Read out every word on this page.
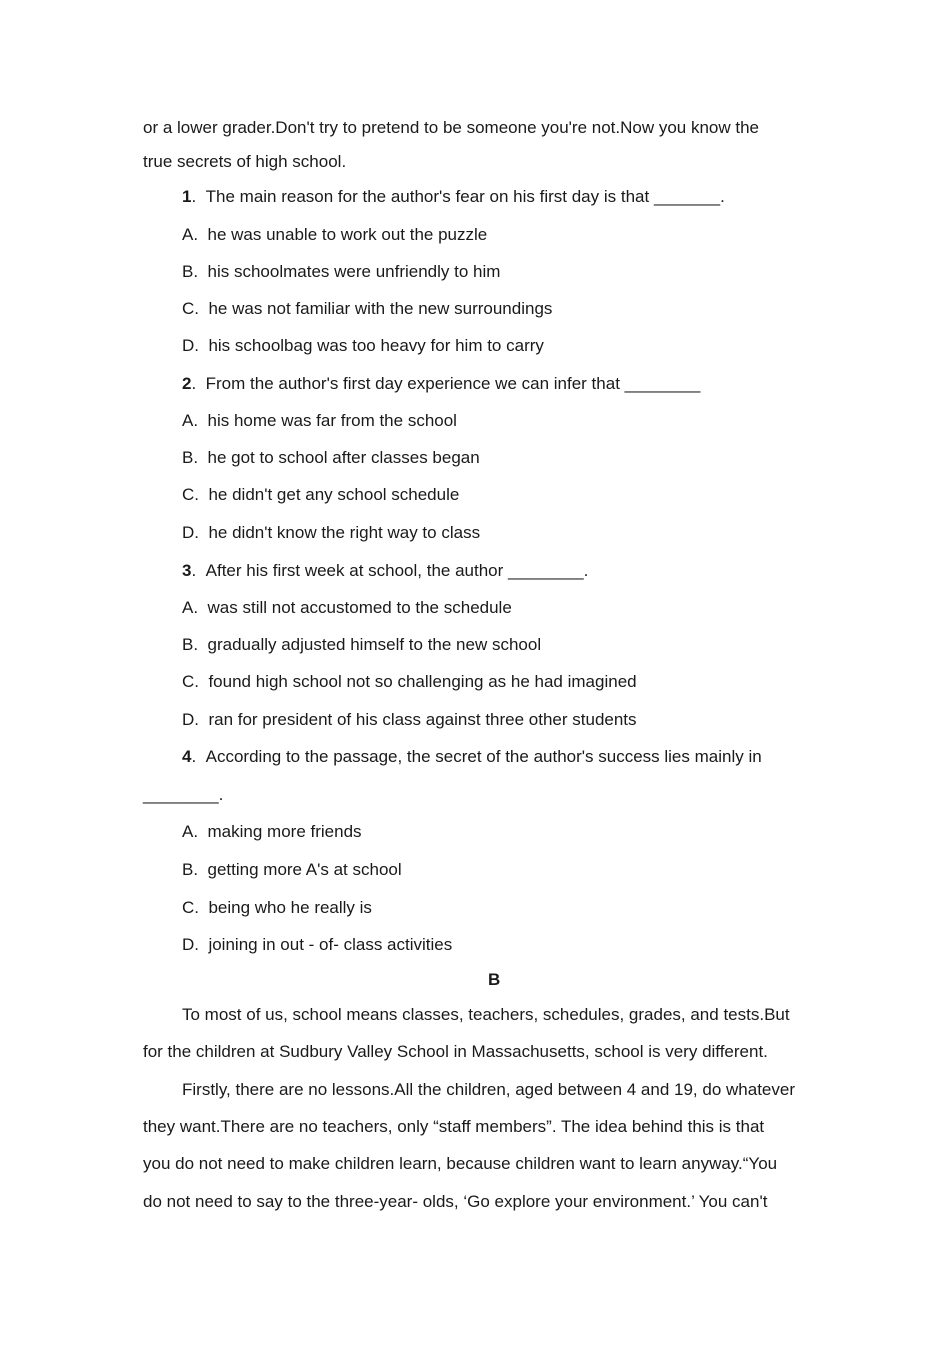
or a lower grader.Don't try to pretend to be someone you're not.Now you know the
true secrets of high school.
1.  The main reason for the author's fear on his first day is that _______.
A. he was unable to work out the puzzle
B. his schoolmates were unfriendly to him
C. he was not familiar with the new surroundings
D. his schoolbag was too heavy for him to carry
2.  From the author's first day experience we can infer that ________
A. his home was far from the school
B. he got to school after classes began
C. he didn't get any school schedule
D. he didn't know the right way to class
3.  After his first week at school, the author ________.
A. was still not accustomed to the schedule
B. gradually adjusted himself to the new school
C. found high school not so challenging as he had imagined
D. ran for president of his class against three other students
4.  According to the passage, the secret of the author's success lies mainly in
________.
A. making more friends
B. getting more A's at school
C. being who he really is
D. joining in out - of- class activities
B
To most of us, school means classes, teachers, schedules, grades, and tests.But
for the children at Sudbury Valley School in Massachusetts, school is very different.
Firstly, there are no lessons.All the children, aged between 4 and 19, do whatever
they want.There are no teachers, only “staff members”. The idea behind this is that
you do not need to make children learn, because children want to learn anyway.“You
do not need to say to the three-year- olds, ‘Go explore your environment.’ You can't
